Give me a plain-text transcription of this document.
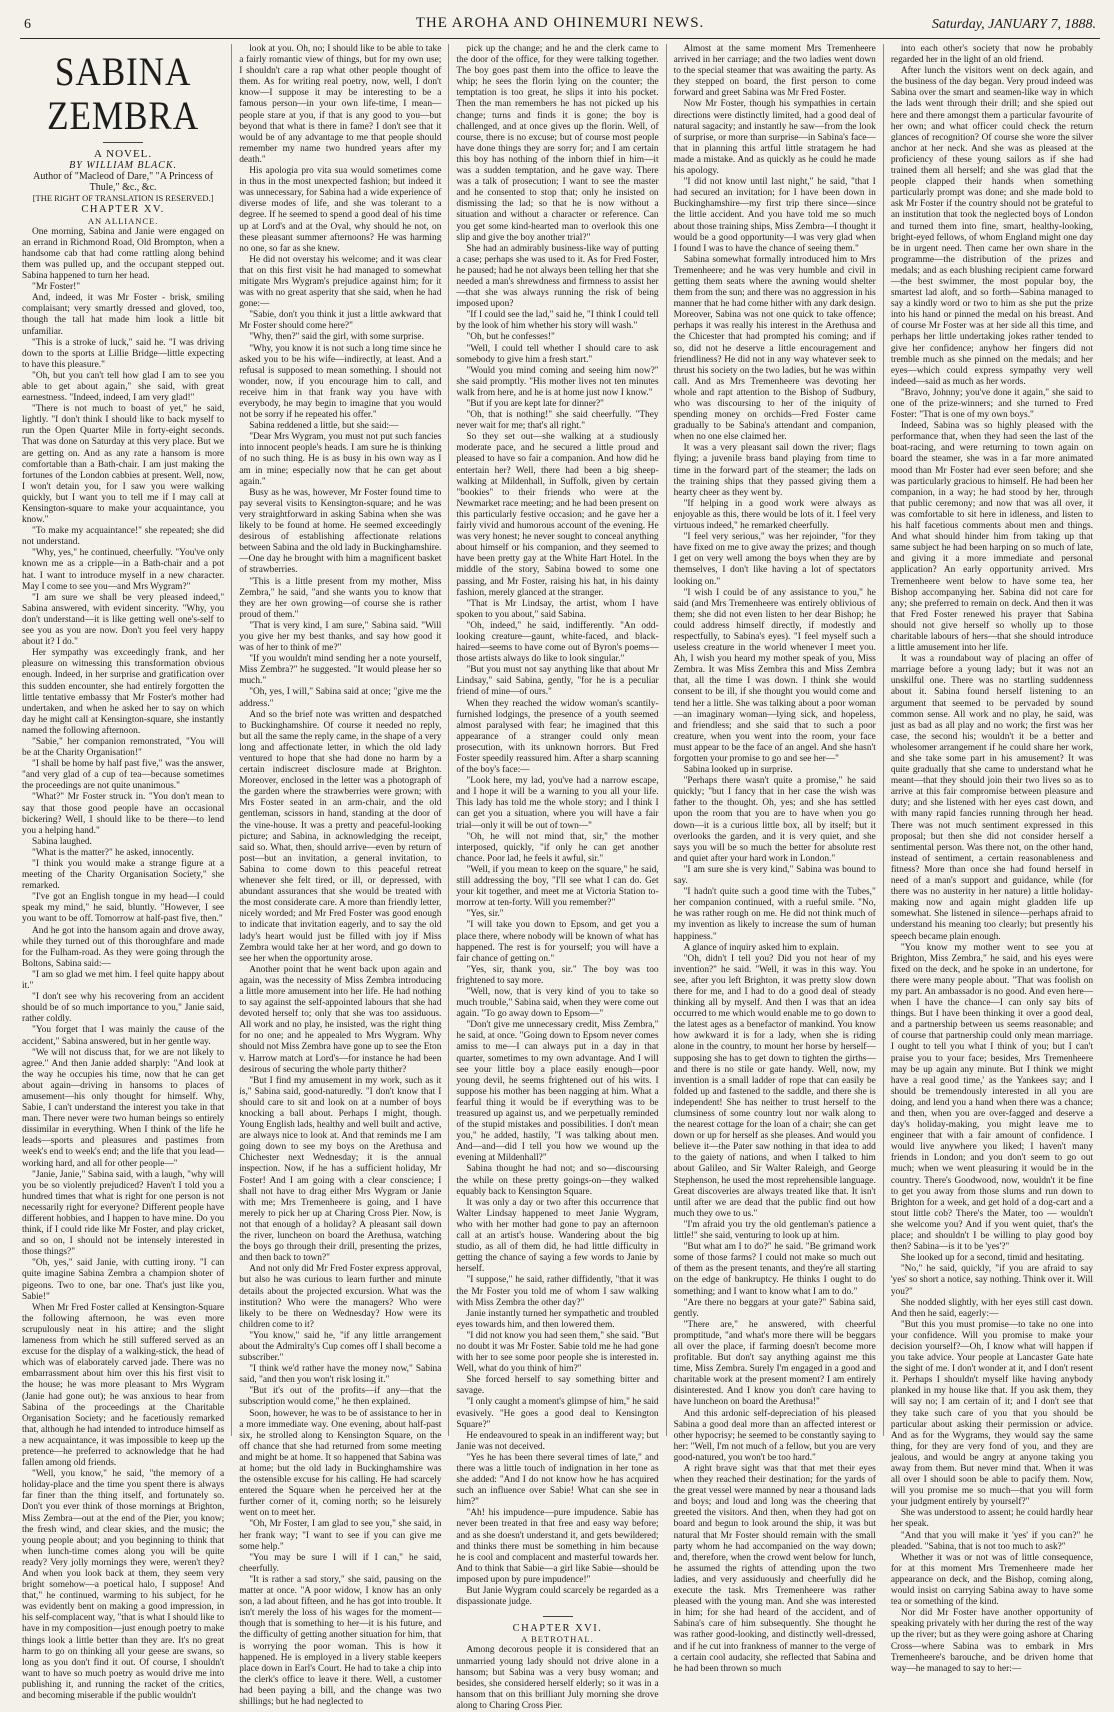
6	THE AROHA AND OHINEMURI NEWS.	Saturday, JANUARY 7, 1888.
SABINA ZEMBRA

A NOVEL.

BY WILLIAM BLACK.

Author of "Macleod of Dare," "A Princess of Thule," &c., &c.

[THE RIGHT OF TRANSLATION IS RESERVED.]

CHAPTER XV.

AN ALLIANCE.

One morning, Sabina and Janie were engaged on an errand in Richmond Road, Old Brompton, when a handsome cab that had come rattling along behind them was pulled up, and the occupant stepped out. Sabina happened to turn her head.

"Mr Foster!"

And, indeed, it was Mr Foster - brisk, smiling complaisant; very smartly dressed and gloved, too, though the tall hat made him look a little bit unfamiliar.

"This is a stroke of luck," said he. "I was driving down to the sports at Lillie Bridge—little expecting to have this pleasure."

"Oh, but you can't tell how glad I am to see you able to get about again," she said, with great earnestness. "Indeed, indeed, I am very glad!"

"There is not much to boast of yet," he said, lightly. "I don't think I should like to back myself to run the Open Quarter Mile in forty-eight seconds. That was done on Saturday at this very place. But we are getting on. And as any rate a hansom is more comfortable than a Bath-chair. I am just making the fortunes of the London cabbies at present. Well, now, I won't detain you, for I saw you were walking quickly, but I want you to tell me if I may call at Kensington-square to make your acquaintance, you know."

"To make my acquaintance!" she repeated; she did not understand.

"Why, yes," he continued, cheerfully. "You've only known me as a cripple—in a Bath-chair and a pot hat. I want to introduce myself in a new character. May I come to see you—and Mrs Wygram?"

"I am sure we shall be very pleased indeed," Sabina answered, with evident sincerity. "Why, you don't understand—it is like getting well one's-self to see you as you are now. Don't you feel very happy about it? I do."

Her sympathy was exceedingly frank, and her pleasure on witnessing this transformation obvious enough. Indeed, in her surprise and gratification over this sudden encounter, she had entirely forgotten the little tentative embassy that Mr Foster's mother had undertaken, and when he asked her to say on which day he might call at Kensington-square, she instantly named the following afternoon.

"Sabie," her companion remonstrated, "You will be at the Charity Organisation!"

"I shall be home by half past five," was the answer, "and very glad of a cup of tea—because sometimes the proceedings are not quite unanimous."

"What?" Mr Foster struck in. "You don't mean to say that those good people have an occasional bickering? Well, I should like to be there—to lend you a helping hand."

Sabina laughed.

"What is the matter?" he asked, innocently.

"I think you would make a strange figure at a meeting of the Charity Organisation Society," she remarked.

"I've got an English tongue in my head—I could speak my mind," he said, bluntly. "However, I see you want to be off. Tomorrow at half-past five, then."

And he got into the hansom again and drove away, while they turned out of this thoroughfare and made for the Fulham-road. As they were going through the Boltons, Sabina said:—

"I am so glad we met him. I feel quite happy about it."

"I don't see why his recovering from an accident should be of so much importance to you," Janie said, rather coldly.

"You forget that I was mainly the cause of the accident," Sabina answered, but in her gentle way.

"We will not discuss that, for we are not likely to agree." And then Janie added sharply: "And look at the way he occupies his time, now that he can get about again—driving in hansoms to places of amusement—his only thought for himself. Why, Sabie, I can't understand the interest you take in that man. There never were two human beings so entirely dissimilar in everything. When I think of the life he leads—sports and pleasures and pastimes from week's end to week's end; and the life that you lead—working hard, and all for other people—"

"Janie, Janie," Sabina said, with a laugh, "why will you be so violently prejudiced? Haven't I told you a hundred times that what is right for one person is not necessarily right for everyone? Different people have different hobbies, and I happen to have mine. Do you think, if I could ride like Mr Foster, and play cricket, and so on, I should not be intensely interested in those things?"

"Oh, yes," said Janie, with cutting irony. "I can quite imagine Sabina Zembra a champion shoter of pigeons. Two to one, bar one. That's just like you, Sabie!"

When Mr Fred Foster called at Kensington-Square the following afternoon, he was even more scrupulously neat in his attire; and the slight lameness from which he still suffered served as an excuse for the display of a walking-stick, the head of which was of elaborately carved jade. There was no embarrassment about him over this his first visit to the house; he was more pleasant to Mrs Wygram (Janie had gone out); he was anxious to hear from Sabina of the proceedings at the Charitable Organisation Society; and he facetiously remarked that, although he had intended to introduce himself as a new acquaintance, it was impossible to keep up the pretence—he preferred to acknowledge that he had fallen among old friends.

"Well, you know," he said, "the memory of a holiday-place and the time you spent there is always far finer than the thing itself, and fortunately so. Don't you ever think of those mornings at Brighton, Miss Zembra—out at the end of the Pier, you know; the fresh wind, and clear skies, and the music; the young people about; and you beginning to think that when lunch-time comes along you will be quite ready? Very jolly mornings they were, weren't they? And when you look back at them, they seem very bright somehow—a poetical halo, I suppose! And that," he continued, warming to his subject, for he was evidently bent on making a good impression, in his self-complacent way, "that is what I should like to have in my composition—just enough poetry to make things look a little better than they are. It's no great harm to go on thinking all your geese are swans, so long as you don't find it out. Of course, I shouldn't want to have so much poetry as would drive me into publishing it, and running the racket of the critics, and becoming miserable if the public wouldn't

look at you. Oh, no; I should like to be able to take a fairly romantic view of things, but for my own use; I shouldn't care a rap what other people thought of them. As for writing real poetry, now, well, I don't know—I suppose it may be interesting to be a famous person—in your own life-time, I mean—people stare at you, if that is any good to you—but beyond that what is there in fame? I don't see that it would be of any advantage to me that people should remember my name two hundred years after my death."

His apologia pro vita sua would sometimes come in thus in the most unexpected fashion; but indeed it was unnecessary, for Sabina had a wide experience of diverse modes of life, and she was tolerant to a degree. If he seemed to spend a good deal of his time up at Lord's and at the Oval, why should he not, on these pleasant summer afternoons? He was harming no one, so far as she knew.

He did not overstay his welcome; and it was clear that on this first visit he had managed to somewhat mitigate Mrs Wygram's prejudice against him; for it was with no great asperity that she said, when he had gone:—

"Sabie, don't you think it just a little awkward that Mr Foster should come here?"

"Why, then?" said the girl, with some surprise.

"Why, you know it is not such a long time since he asked you to be his wife—indirectly, at least. And a refusal is supposed to mean something. I should not wonder, now, if you encourage him to call, and receive him in that frank way you have with everybody, he may begin to imagine that you would not be sorry if he repeated his offer."

Sabina reddened a little, but she said:—

"Dear Mrs Wygram, you must not put such fancies into innocent people's heads. I am sure he is thinking of no such thing. He is as busy in his own way as I am in mine; especially now that he can get about again."

Busy as he was, however, Mr Foster found time to pay several visits to Kensington-square; and he was very straightforward in asking Sabina when she was likely to be found at home. He seemed exceedingly desirous of establishing affectionate relations between Sabina and the old lady in Buckinghamshire.—One day he brought with him a magnificent basket of strawberries.

"This is a little present from my mother, Miss Zembra," he said, "and she wants you to know that they are her own growing—of course she is rather proud of them."

"That is very kind, I am sure," Sabina said. "Will you give her my best thanks, and say how good it was of her to think of me?"

"If you wouldn't mind sending her a note yourself, Miss Zembra?" he suggested. "It would please her so much."

"Oh, yes, I will," Sabina said at once; "give me the address."

And so the brief note was written and despatched to Buckinghamshire. Of course it needed no reply, but all the same the reply came, in the shape of a very long and affectionate letter, in which the old lady ventured to hope that she had done no harm by a certain indiscreet disclosure made at Brighton. Moreover, enclosed in the letter was a photograph of the garden where the strawberries were grown; with Mrs Foster seated in an arm-chair, and the old gentleman, scissors in hand, standing at the door of the vine-house. It was a pretty and peaceful-looking picture; and Sabina, in acknowledging the receipt, said so. What, then, should arrive—even by return of post—but an invitation, a general invitation, to Sabina to come down to this peaceful retreat whenever she felt tired, or ill, or depressed, with abundant assurances that she would be treated with the most considerate care. A more than friendly letter, nicely worded; and Mr Fred Foster was good enough to indicate that invitation eagerly, and to say the old lady's heart would just be filled with joy if Miss Zembra would take her at her word, and go down to see her when the opportunity arose.

Another point that he went back upon again and again, was the necessity of Miss Zembra introducing a little more amusement into her life. He had nothing to say against the self-appointed labours that she had devoted herself to; only that she was too assiduous. All work and no play, he insisted, was the right thing for no one; and he appealed to Mrs Wygram. Why should not Miss Zembra have gone up to see the Eton v. Harrow match at Lord's—for instance he had been desirous of securing the whole party thither?

"But I find my amusement in my work, such as it is," Sabina said, good-naturedly. "I don't know that I should care to sit and look on at a number of boys knocking a ball about. Perhaps I might, though. Young English lads, healthy and well built and active, are always nice to look at. And that reminds me I am going down to see my boys on the Arethusa and Chichester next Wednesday; it is the annual inspection. Now, if he has a sufficient holiday, Mr Foster! And I am going with a clear conscience; I shall not have to drag either Mrs Wygram or Janie with me; Mrs Tremenheere is going, and I have merely to pick her up at Charing Cross Pier. Now, is not that enough of a holiday? A pleasant sail down the river, luncheon on board the Arethusa, watching the boys go through their drill, presenting the prizes, and then back to town?"

And not only did Mr Fred Foster express approval, but also he was curious to learn further and minute details about the projected excursion. What was the institution? Who were the managers? Who were likely to be there on Wednesday? How were its children come to it?

"You know," said he, "if any little arrangement about the Admiralty's Cup comes off I shall become a subscriber."

"I think we'd rather have the money now," Sabina said, "and then you won't risk losing it."

"But it's out of the profits—if any—that the subscription would come," he then explained.

Soon, however, he was to be of assistance to her in a more immediate way. One evening, about half-past six, he strolled along to Kensington Square, on the off chance that she had returned from some meeting and might be at home. It so happened that Sabina was at home; but the old lady in Buckinghamshire was the ostensible excuse for his calling. He had scarcely entered the Square when he perceived her at the further corner of it, coming north; so he leisurely went on to meet her.

"Oh, Mr Foster, I am glad to see you," she said, in her frank way; "I want to see if you can give me some help."

"You may be sure I will if I can," he said, cheerfully.

"It is rather a sad story," she said, pausing on the matter at once. "A poor widow, I know has an only son, a lad about fifteen, and he has got into trouble. It isn't merely the loss of his wages for the moment—though that is something to her—it is his future, and the difficulty of getting another situation for him, that is worrying the poor woman. This is how it happened. He is employed in a livery stable keepers place down in Earl's Court. He had to take a chip into the clerk's office to leave it there. Well, a customer had been paying a bill, and the change was two shillings; but he had neglected to

pick up the change; and he and the clerk came to the door of the office, for they were talking together. The boy goes past them into the office to leave the whip; he sees the florin lying on the counter; the temptation is too great, he slips it into his pocket. Then the man remembers he has not picked up his change; turns and finds it is gone; the boy is challenged, and at once gives up the florin. Well, of course, there is no excuse; but of course most people have done things they are sorry for; and I am certain this boy has nothing of the inborn thief in him—it was a sudden temptation, and he gave way. There was a talk of prosecution; I want to see the master and he consented to stop that; only he insisted on dismissing the lad; so that he is now without a situation and without a character or reference. Can you get some kind-hearted man to overlook this one slip and give the boy another trial?"

She had an admirably business-like way of putting a case; perhaps she was used to it. As for Fred Foster, he paused; had he not always been telling her that she needed a man's shrewdness and firmness to assist her—that she was always running the risk of being imposed upon?

"If I could see the lad," said he, "I think I could tell by the look of him whether his story will wash."

"Oh, but he confesses!"

"Well, I could tell whether I should care to ask somebody to give him a fresh start."

"Would you mind coming and seeing him now?" she said promptly. "His mother lives not ten minutes walk from here, and he is at home just now I know."

"But if you are kept late for dinner?"

"Oh, that is nothing!" she said cheerfully. "They never wait for me; that's all right."

So they set out—she walking at a studiously moderate pace, and he secured a little proud and pleased to have so fair a companion. And how did he entertain her? Well, there had been a big sheep-walking at Mildenhall, in Suffolk, given by certain "bookies" to their friends who were at the Newmarket race meeting; and he had been present on this particularly festive occasion; and he gave her a fairly vivid and humorous account of the evening. He was very honest; he never sought to conceal anything about himself or his companion, and they seemed to have been pretty gay at the White Hart Hotel. In the middle of the story, Sabina bowed to some one passing, and Mr Foster, raising his hat, in his dainty fashion, merely glanced at the stranger.

"That is Mr Lindsay, the artist, whom I have spoken to you about," said Sabina.

"Oh, indeed," he said, indifferently. "An odd-looking creature—gaunt, white-faced, and black-haired—seems to have come out of Byron's poems—those artists always do like to look singular."

"But you must not say anything like that about Mr Lindsay," said Sabina, gently, "for he is a peculiar friend of mine—of ours."

When they reached the widow woman's scantily-furnished lodgings, the presence of a youth seemed almost paralysed with fear; he imagined that this appearance of a stranger could only mean prosecution, with its unknown horrors. But Fred Foster speedily reassured him. After a sharp scanning of the boy's face:—

"Look here, my lad, you've had a narrow escape, and I hope it will be a warning to you all your life. This lady has told me the whole story; and I think I can get you a situation, where you will have a fair trial—only it will be out of town—"

"Oh, he will not mind that, sir," the mother interposed, quickly, "if only he can get another chance. Poor lad, he feels it awful, sir."

"Well, if you mean to keep on the square," he said, still addressing the boy, "I'll see what I can do. Get your kit together, and meet me at Victoria Station to-morrow at ten-forty. Will you remember?"

"Yes, sir."

"I will take you down to Epsom, and get you a place there, where nobody will be known of what has happened. The rest is for yourself; you will have a fair chance of getting on."

"Yes, sir, thank you, sir." The boy was too frightened to say more.

"Well, now, that is very kind of you to take so much trouble," Sabina said, when they were come out again. "To go away down to Epsom—"

"Don't give me unnecessary credit, Miss Zembra," he said, at once. "Going down to Epsom never comes amiss to me—I can always put in a day in that quarter, sometimes to my own advantage. And I will see your little boy a place easily enough—poor young devil, he seems frightened out of his wits. I suppose his mother has been nagging at him. What a fearful thing it would be if everything was to be treasured up against us, and we perpetually reminded of the stupid mistakes and possibilities. I don't mean you," he added, hastily, "I was talking about men. And—and—did I tell you how we wound up the evening at Mildenhall?"

Sabina thought he had not; and so—discoursing the while on these pretty goings-on—they walked equably back to Kensington Square.

It was only a day or two after this occurrence that Walter Lindsay happened to meet Janie Wygram, who with her mother had gone to pay an afternoon call at an artist's house. Wandering about the big studio, as all of them did, he had little difficulty in getting the chance of saying a few words to Janie by herself.

"I suppose," he said, rather diffidently, "that it was the Mr Foster you told me of whom I saw walking with Miss Zembra the other day?"

Janie instantly turned her sympathetic and troubled eyes towards him, and then lowered them.

"I did not know you had seen them," she said. "But no doubt it was Mr Foster. Sabie told me he had gone with her to see some poor people she is interested in. Well, what do you think of him?"

She forced herself to say something bitter and savage.

"I only caught a moment's glimpse of him," he said evasively. "He goes a good deal to Kensington Square?"

He endeavoured to speak in an indifferent way; but Janie was not deceived.

"Yes he has been there several times of late," and there was a little touch of indignation in her tone as she added: "And I do not know how he has acquired such an influence over Sabie! What can she see in him?"

"Ah! his impudence—pure impudence. Sabie has never been treated in that free and easy way before; and as she doesn't understand it, and gets bewildered; and thinks there must be something in him because he is cool and complacent and masterful towards her. And to think that Sabie—a girl like Sabie—should be imposed upon by pure impudence!"

But Janie Wygram could scarcely be regarded as a dispassionate judge.

CHAPTER XVI.

A BETROTHAL.

Among decorous people it is considered that an unmarried young lady should not drive alone in a hansom; but Sabina was a very busy woman; and besides, she considered herself elderly; so it was in a hansom that on this brilliant July morning she drove along to Charing Cross Pier.

Almost at the same moment Mrs Tremenheere arrived in her carriage; and the two ladies went down to the special steamer that was awaiting the party. As they stepped on board, the first person to come forward and greet Sabina was Mr Fred Foster.

Now Mr Foster, though his sympathies in certain directions were distinctly limited, had a good deal of natural sagacity; and instantly he saw—from the look of surprise, or more than surprise—in Sabina's face—that in planning this artful little stratagem he had made a mistake. And as quickly as he could he made his apology.

"I did not know until last night," he said, "that I had secured an invitation; for I have been down in Buckinghamshire—my first trip there since—since the little accident. And you have told me so much about those training ships, Miss Zembra—I thought it would be a good opportunity—I was very glad when I found I was to have the chance of seeing them."

Sabina somewhat formally introduced him to Mrs Tremenheere; and he was very humble and civil in getting them seats where the awning would shelter them from the sun; and there was no aggression in his manner that he had come hither with any dark design. Moreover, Sabina was not one quick to take offence; perhaps it was really his interest in the Arethusa and the Chicester that had prompted his coming; and if so, did not he deserve a little encouragement and friendliness? He did not in any way whatever seek to thrust his society on the two ladies, but he was within call. And as Mrs Tremenheere was devoting her whole and rapt attention to the Bishop of Sudbury, who was discoursing to her of the iniquity of spending money on orchids—Fred Foster came gradually to be Sabina's attendant and companion, when no one else claimed her.

It was a very pleasant sail down the river; flags flying; a juvenile brass band playing from time to time in the forward part of the steamer; the lads on the training ships that they passed giving them a hearty cheer as they went by.

"If helping in a good work were always as enjoyable as this, there would be lots of it. I feel very virtuous indeed," he remarked cheerfully.

"I feel very serious," was her rejoinder, "for they have fixed on me to give away the prizes; and though I get on very well among the boys when they are by themselves, I don't like having a lot of spectators looking on."

"I wish I could be of any assistance to you," he said (and Mrs Tremenheere was entirely oblivious of them; she did not even listen to her dear Bishop; he could address himself directly, if modestly and respectfully, to Sabina's eyes). "I feel myself such a useless creature in the world whenever I meet you. Ah, I wish you heard my mother speak of you, Miss Zembra. It was Miss Zembra this and Miss Zembra that, all the time I was down. I think she would consent to be ill, if she thought you would come and tend her a little. She was talking about a poor woman—an imaginary woman—lying sick, and hopeless, and friendless; and she said that to such a poor creature, when you went into the room, your face must appear to be the face of an angel. And she hasn't forgotten your promise to go and see her—"

Sabina looked up in surprise.

"Perhaps there wasn't quite a promise," he said quickly; "but I fancy that in her case the wish was father to the thought. Oh, yes; and she has settled upon the room that you are to have when you go down—it is a curious little box, all by itself; but it overlooks the garden, and it is very quiet, and she says you will be so much the better for absolute rest and quiet after your hard work in London."

"I am sure she is very kind," Sabina was bound to say.

"I hadn't quite such a good time with the Tubes," her companion continued, with a rueful smile. "No, he was rather rough on me. He did not think much of my invention as likely to increase the sum of human happiness."

A glance of inquiry asked him to explain.

"Oh, didn't I tell you? Did you not hear of my invention?" he said. "Well, it was in this way. You see, after you left Brighton, it was pretty slow down there for me, and I had to do a good deal of steady thinking all by myself. And then I was that an idea occurred to me which would enable me to go down to the latest ages as a benefactor of mankind. You know how awkward it is for a lady, when she is riding alone in the country, to mount her horse by herself—supposing she has to get down to tighten the girths—and there is no stile or gate handy. Well, now, my invention is a small ladder of rope that can easily be folded up and fastened to the saddle, and there she is independent! She has neither to trust herself to the clumsiness of some country lout nor walk along to the nearest cottage for the loan of a chair; she can get down or up for herself as she pleases. And would you believe it—the Pater saw nothing in that idea to add to the gaiety of nations, and when I talked to him about Galileo, and Sir Walter Raleigh, and George Stephenson, he used the most reprehensible language. Great discoveries are always treated like that. It isn't until after we are dead that the public find out how much they owe to us."

"I'm afraid you try the old gentleman's patience a little!" she said, venturing to look up at him.

"But what am I to do?" he said. "Be grimand work some of those farms? I could not make so much out of them as the present tenants, and they're all starting on the edge of bankruptcy. He thinks I ought to do something; and I want to know what I am to do."

"Are there no beggars at your gate?" Sabina said, gently.

"There are," he answered, with cheerful promptitude, "and what's more there will be beggars all over the place, if farming doesn't become more profitable. But don't say anything against me this time, Miss Zembra. Surely I'm engaged in a good and charitable work at the present moment? I am entirely disinterested. And I know you don't care having to have luncheon on board the Arethusa!"

And this ardonic self-depreciation of his pleased Sabina a good deal more than an affected interest or other hypocrisy; he seemed to be constantly saying to her: "Well, I'm not much of a fellow, but you are very good-natured, you won't be too hard."

A right brave sight was that that met their eyes when they reached their destination; for the yards of the great vessel were manned by near a thousand lads and boys; and loud and long was the cheering that greeted the visitors. And then, when they had got on board and begun to look around the ship, it was but natural that Mr Foster should remain with the small party whom he had accompanied on the way down; and, therefore, when the crowd went below for lunch, he assumed the rights of attending upon the two ladies, and very assiduously and cheerfully did he execute the task. Mrs Tremenheere was rather pleased with the young man. And she was interested in him; for she had heard of the accident, and of Sabina's care of him subsequently. She thought he was rather good-looking, and distinctly well-dressed, and if he cut into frankness of manner to the verge of a certain cool audacity, she reflected that Sabina and he had been thrown so much

into each other's society that now he probably regarded her in the light of an old friend.

After lunch the visitors went on deck again, and the business of the day began. Very proud indeed was Sabina over the smart and seamen-like way in which the lads went through their drill; and she spied out here and there amongst them a particular favourite of her own; and what officer could check the return glances of recognition? Of course she wore the silver anchor at her neck. And she was as pleased at the proficiency of these young sailors as if she had trained them all herself; and she was glad that the people clapped their hands when something particularly prompt was done; and she made bold to ask Mr Foster if the country should not be grateful to an institution that took the neglected boys of London and turned them into fine, smart, healthy-looking, bright-eyed fellows, of whom England might one day be in urgent need. Then came her own share in the programme—the distribution of the prizes and medals; and as each blushing recipient came forward—the best swimmer, the most popular boy, the smartest lad aloft, and so forth—Sabina managed to say a kindly word or two to him as she put the prize into his hand or pinned the medal on his breast. And of course Mr Foster was at her side all this time, and perhaps her little undertaking jokes rather tended to give her confidence; anyhow her fingers did not tremble much as she pinned on the medals; and her eyes—which could express sympathy very well indeed—said as much as her words.

"Bravo, Johnny; you've done it again," she said to one of the prize-winners; and she turned to Fred Foster: "That is one of my own boys."

Indeed, Sabina was so highly pleased with the performance that, when they had seen the last of the boat-racing, and were returning to town again on board the steamer, she was in a far more animated mood than Mr Foster had ever seen before; and she was particularly gracious to himself. He had been her companion, in a way; he had stood by her, through that public ceremony; and now that was all over, it was comfortable to sit here in idleness, and listen to his half facetious comments about men and things. And what should hinder him from taking up that same subject he had been harping on so much of late, and giving it a more immediate and personal application? An early opportunity arrived. Mrs Tremenheere went below to have some tea, her Bishop accompanying her. Sabina did not care for any; she preferred to remain on deck. And then it was that Fred Foster renewed his prayer that Sabina should not give herself so wholly up to those charitable labours of hers—that she should introduce a little amusement into her life.

It was a roundabout way of placing an offer of marriage before a young lady; but it was not an unskilful one. There was no startling suddenness about it. Sabina found herself listening to an argument that seemed to be pervaded by sound common sense. All work and no play, he said, was just as bad as all play and no work; the first was her case, the second his; wouldn't it be a better and wholesomer arrangement if he could share her work, and she take some part in his amusement? It was quite gradually that she came to understand what he meant—that they should join their two lives so as to arrive at this fair compromise between pleasure and duty; and she listened with her eyes cast down, and with many rapid fancies running through her head. There was not much sentiment expressed in this proposal; but then she did not consider herself a sentimental person. Was there not, on the other hand, instead of sentiment, a certain reasonableness and fitness? More than once she had found herself in need of a man's support and guidance, while (for there was no austerity in her nature) a little holiday-making now and again might gladden life up somewhat. She listened in silence—perhaps afraid to understand his meaning too clearly; but presently his speech became plain enough.

"You know my mother went to see you at Brighton, Miss Zembra," he said, and his eyes were fixed on the deck, and he spoke in an undertone, for there were many people about. "That was foolish on my part. An ambassador is no good. And even here—when I have the chance—I can only say bits of things. But I have been thinking it over a good deal, and a partnership between us seems reasonable; and of course that partnership could only mean marriage. I ought to tell you what I think of you; but I can't praise you to your face; besides, Mrs Tremenheere may be up again any minute. But I think we might have a real good time,' as the Yankees say; and I should be tremendously interested in all you are doing, and lend you a hand when there was a chance; and then, when you are over-fagged and deserve a day's holiday-making, you might leave me to engineer that with a fair amount of confidence. I would live anywhere you liked; I haven't many friends in London; and you don't seem to go out much; when we went pleasuring it would be in the country. There's Goodwood, now, wouldn't it be fine to get you away from those slums and run down to Brighton for a week, and get hold of a dog-cart and a stout little cob? There's the Mater, too — wouldn't she welcome you? And if you went quiet, that's the place; and shouldn't I be willing to play good boy then? Sabina—is it to be 'yes'?"

She looked up for a second, timid and hesitating.

"No," he said, quickly, "if you are afraid to say 'yes' so short a notice, say nothing. Think over it. Will you?"

She nodded slightly, with her eyes still cast down. And then he said, eagerly:—

"But this you must promise—to take no one into your confidence. Will you promise to make your decision yourself?—Oh, I know what will happen if you take advice. Your people at Lancaster Gate hate the sight of me. I don't wonder at it, and I don't resent it. Perhaps I shouldn't myself like having anybody planked in my house like that. If you ask them, they will say no; I am certain of it; and I don't see that they take such care of you that you should be particular about asking their permission or advice. And as for the Wygrams, they would say the same thing, for they are very fond of you, and they are jealous, and would be angry at anyone taking you away from them. But never mind that. When it was all over I should soon be able to pacify them. Now, will you promise me so much—that you will form your judgment entirely by yourself?"

She was understood to assent; he could hardly hear her speak.

"And that you will make it 'yes' if you can?" he pleaded. "Sabina, that is not too much to ask?"

Whether it was or not was of little consequence, for at this moment Mrs Tremenheere made her appearance on deck, and the Bishop, coming along, would insist on carrying Sabina away to have some tea or something of the kind.

Nor did Mr Foster have another opportunity of speaking privately with her during the rest of the way up the river; but as they were going ashore at Charing Cross—where Sabina was to embark in Mrs Tremenheere's barouche, and be driven home that way—he managed to say to her:—
